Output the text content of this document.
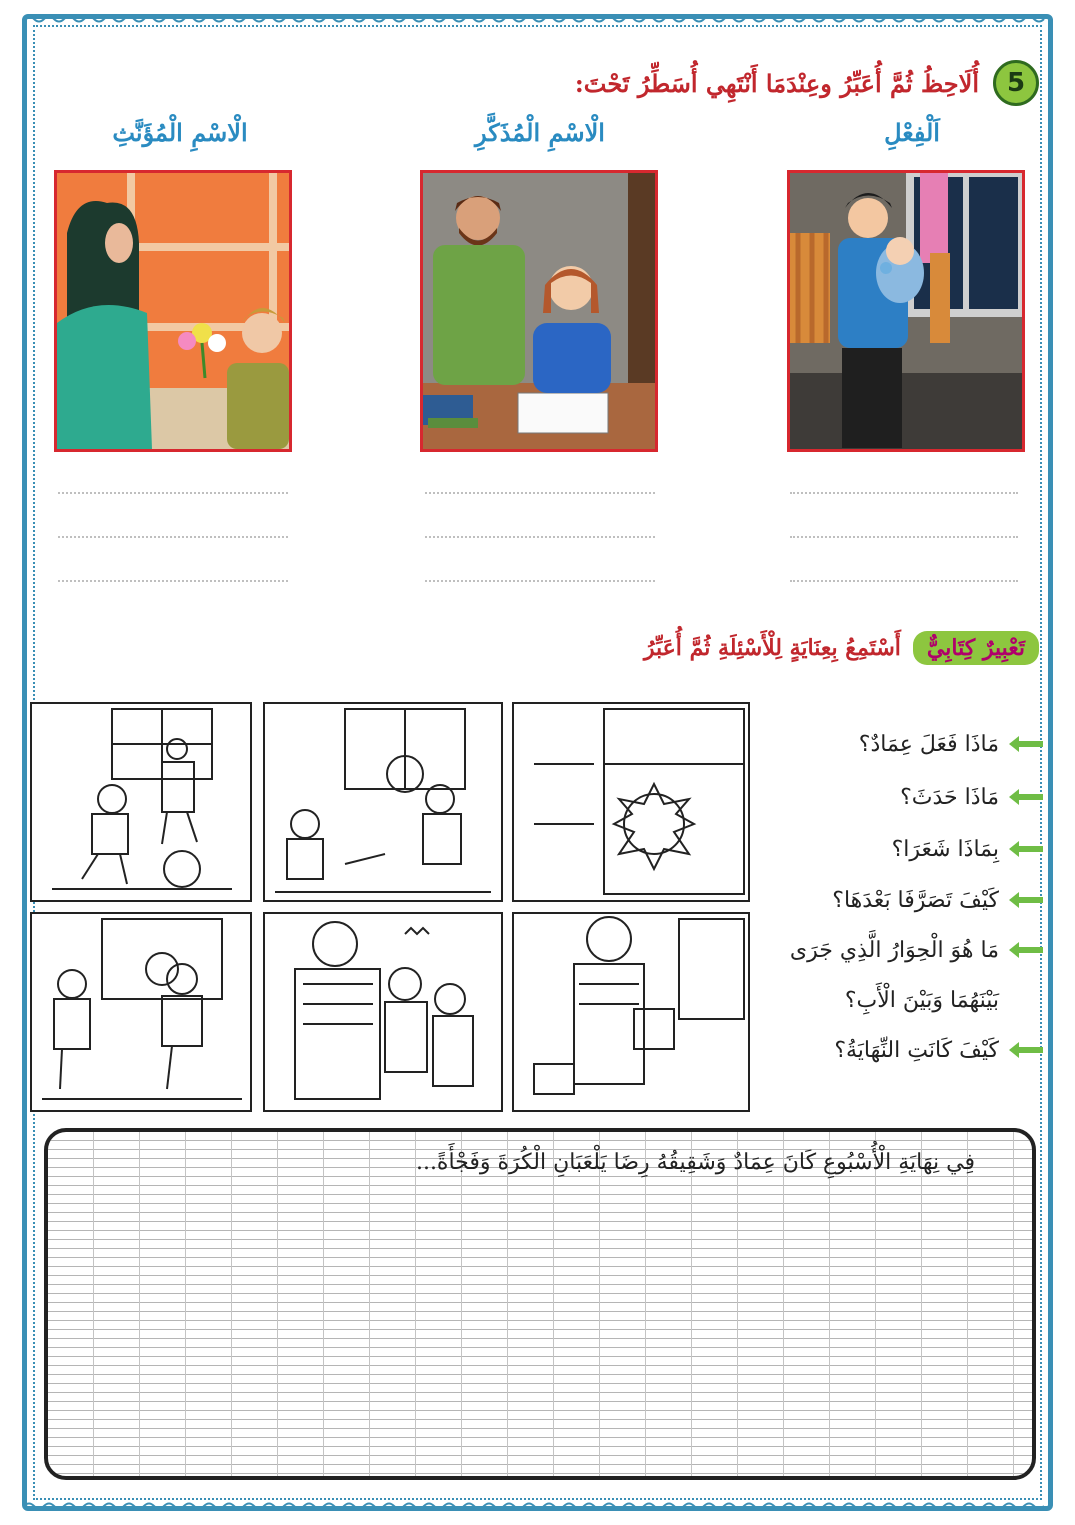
5
أُلَاحِظُ ثُمَّ أُعَبِّرُ وعِنْدَمَا أَنْتَهِي أُسَطِّرُ تَحْتَ:
اَلْفِعْلِ
الْاسْمِ الْمُذَكَّرِ
الْاسْمِ الْمُؤَنَّثِ
تَعْبِيرٌ كِتَابِيٌّ
أَسْتَمِعُ بِعِنَايَةٍ لِلْأَسْئِلَةِ ثُمَّ أُعَبِّرُ
مَاذَا فَعَلَ عِمَادٌ؟
مَاذَا حَدَثَ؟
بِمَاذَا شَعَرَا؟
كَيْفَ تَصَرَّفَا بَعْدَهَا؟
مَا هُوَ الْحِوَارُ الَّذِي جَرَى
بَيْنَهُمَا وَبَيْنَ الْأَبِ؟
كَيْفَ كَانَتِ النِّهَايَةُ؟
فِي نِهَايَةِ الْأُسْبُوعِ كَانَ عِمَادٌ وَشَقِيقُهُ رِضَا يَلْعَبَانِ الْكُرَةَ وَفَجْأَةً...
